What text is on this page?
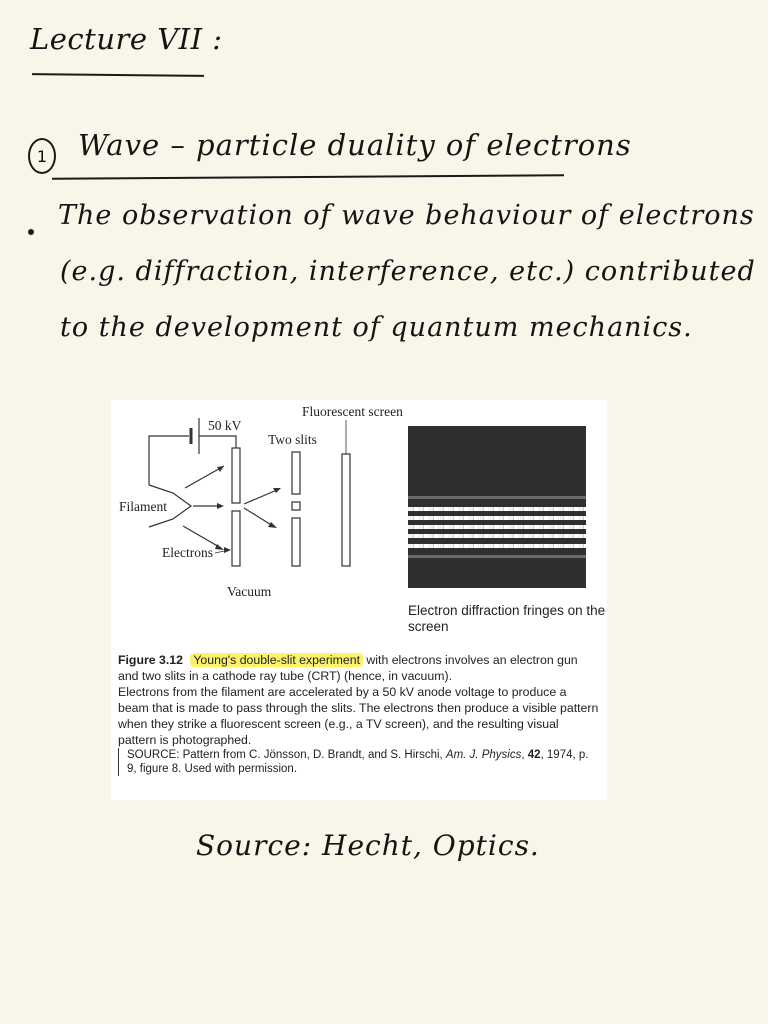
Lecture VII :
1	Wave – particle duality of electrons
The observation of wave behaviour of electrons
(e.g. diffraction, interference, etc.) contributed
to the development of quantum mechanics.
50 kV
Fluorescent screen
Two slits
Filament
Electrons
Vacuum
Electron diffraction fringes on the screen

Figure 3.12 Young's double-slit experiment with electrons involves an electron gun and two slits in a cathode ray tube (CRT) (hence, in vacuum).

Electrons from the filament are accelerated by a 50 kV anode voltage to produce a beam that is made to pass through the slits. The electrons then produce a visible pattern when they strike a fluorescent screen (e.g., a TV screen), and the resulting visual pattern is photographed.

SOURCE: Pattern from C. Jönsson, D. Brandt, and S. Hirschi, Am. J. Physics, 42, 1974, p. 9, figure 8. Used with permission.

Source: Hecht, Optics.
